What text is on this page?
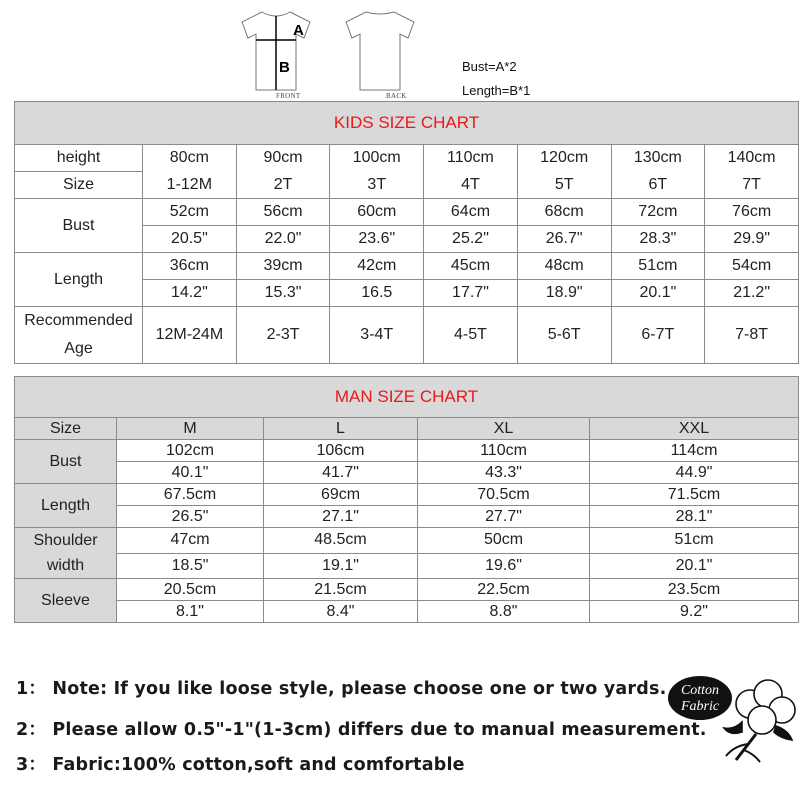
A
B
FRONT	BACK
Bust=A*2
Length=B*1
KIDS SIZE CHART							
height	80cm	90cm	100cm	110cm	120cm	130cm	140cm
Size	1-12M	2T	3T	4T	5T	6T	7T
Bust	52cm	56cm	60cm	64cm	68cm	72cm	76cm
	20.5"	22.0"	23.6"	25.2"	26.7"	28.3"	29.9"
Length	36cm	39cm	42cm	45cm	48cm	51cm	54cm
	14.2"	15.3"	16.5	17.7"	18.9"	20.1"	21.2"

Recommended
Age	12M-24M	2-3T	3-4T	4-5T	5-6T	6-7T	7-8T
MAN SIZE CHART				
Size	M	L	XL	XXL
Bust	102cm	106cm	110cm	114cm
	40.1"	41.7"	43.3"	44.9"
Length	67.5cm	69cm	70.5cm	71.5cm
	26.5"	27.1"	27.7"	28.1"

Shoulder
width	47cm	48.5cm	50cm	51cm
	18.5"	19.1"	19.6"	20.1"
Sleeve	20.5cm	21.5cm	22.5cm	23.5cm
	8.1"	8.4"	8.8"	9.2"
1： Note: If you like loose style, please choose one or two yards.
2： Please allow 0.5"-1"(1-3cm) differs due to manual measurement.
3： Fabric:100% cotton,soft and comfortable
Cotton
Fabric
